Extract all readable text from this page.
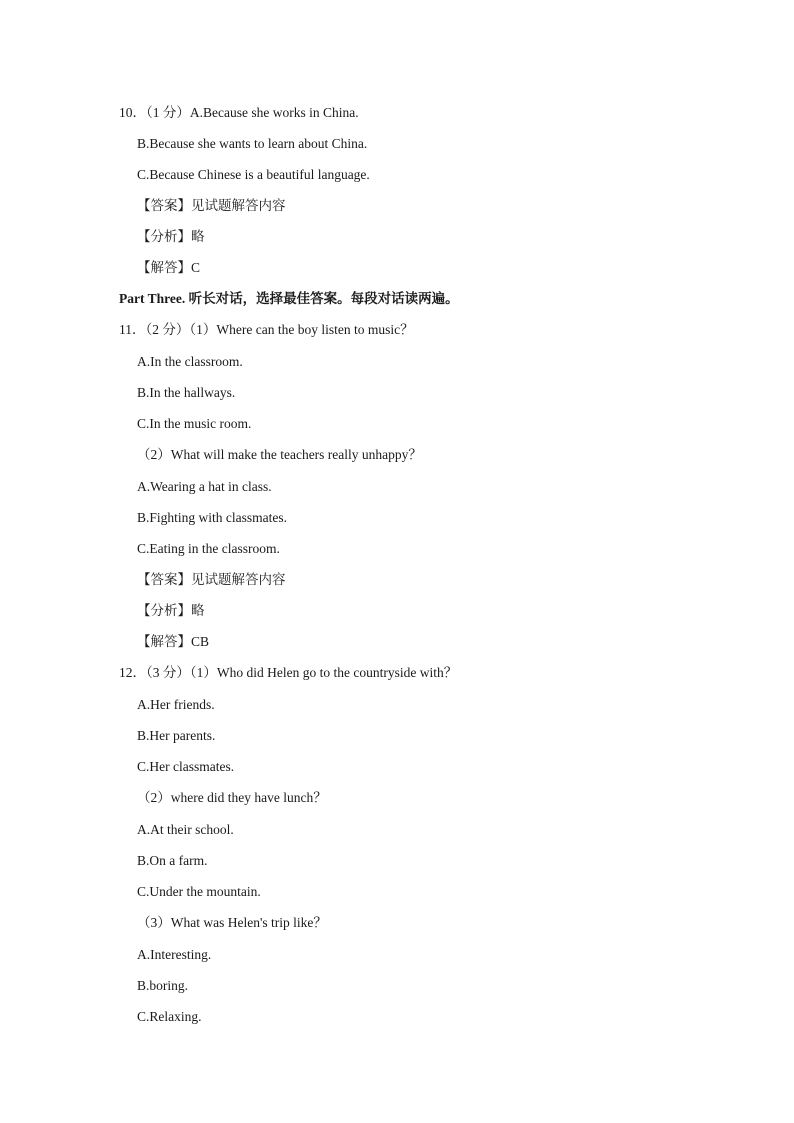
10．（1 分）A.Because she works in China.
B.Because she wants to learn about China.
C.Because Chinese is a beautiful language.
【答案】见试题解答内容
【分析】略
【解答】C
Part Three. 听长对话，选择最佳答案。每段对话读两遍。
11．（2 分）（1）Where can the boy listen to music？
A.In the classroom.
B.In the hallways.
C.In the music room.
（2）What will make the teachers really unhappy？
A.Wearing a hat in class.
B.Fighting with classmates.
C.Eating in the classroom.
【答案】见试题解答内容
【分析】略
【解答】CB
12．（3 分）（1）Who did Helen go to the countryside with？
A.Her friends.
B.Her parents.
C.Her classmates.
（2）where did they have lunch？
A.At their school.
B.On a farm.
C.Under the mountain.
（3）What was Helen's trip like？
A.Interesting.
B.boring.
C.Relaxing.
